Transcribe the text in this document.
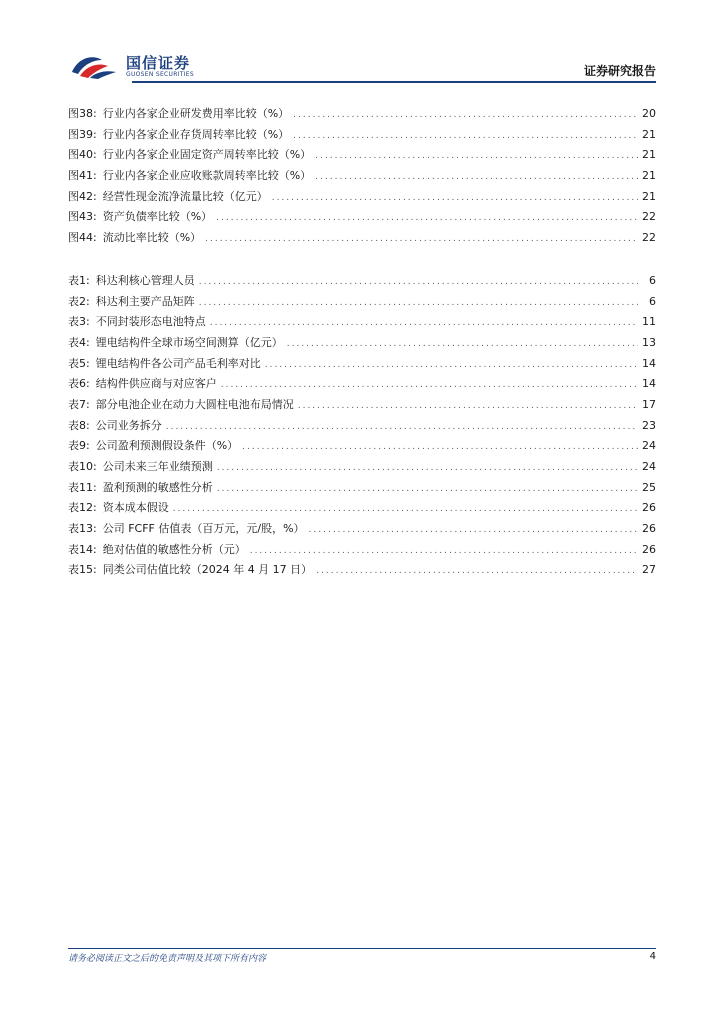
国信证券
GUOSEN SECURITIES	证券研究报告
图38: 行业内各家企业研发费用率比较（%） .....	20
图39: 行业内各家企业存货周转率比较（%） .....	21
图40: 行业内各家企业固定资产周转率比较（%） .....	21
图41: 行业内各家企业应收账款周转率比较（%） .....	21
图42: 经营性现金流净流量比较（亿元） .....	21
图43: 资产负债率比较（%） .....	22
图44: 流动比率比较（%） .....	22
表1: 科达利核心管理人员 .....	6
表2: 科达利主要产品矩阵 .....	6
表3: 不同封装形态电池特点 .....	11
表4: 锂电结构件全球市场空间测算（亿元） .....	13
表5: 锂电结构件各公司产品毛利率对比 .....	14
表6: 结构件供应商与对应客户 .....	14
表7: 部分电池企业在动力大圆柱电池布局情况 .....	17
表8: 公司业务拆分 .....	23
表9: 公司盈利预测假设条件（%） .....	24
表10: 公司未来三年业绩预测 .....	24
表11: 盈利预测的敏感性分析 .....	25
表12: 资本成本假设 .....	26
表13: 公司 FCFF 估值表（百万元，元/股，%） .....	26
表14: 绝对估值的敏感性分析（元） .....	26
表15: 同类公司估值比较（2024 年 4 月 17 日） .....	27
请务必阅读正文之后的免责声明及其项下所有内容	4
